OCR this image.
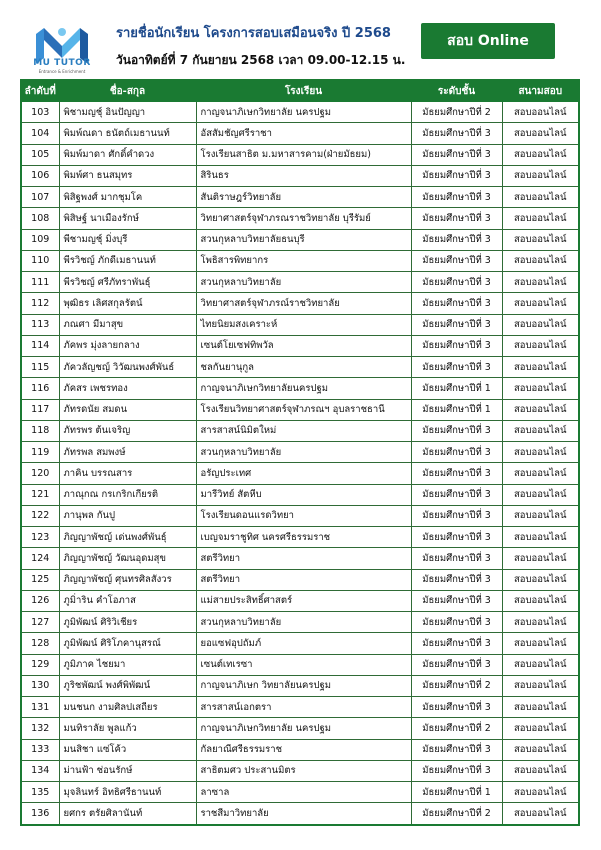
MU TUTOR
Entrance & Enrichment
รายชื่อนักเรียน โครงการสอบเสมือนจริง ปี 2568
วันอาทิตย์ที่ 7 กันยายน 2568 เวลา 09.00-12.15 น.
สอบ Online
ลำดับที่	ชื่อ-สกุล	โรงเรียน	ระดับชั้น	สนามสอบ
103	พิชามญชุ์ อินปัญญา	กาญจนาภิเษกวิทยาลัย นครปฐม	มัธยมศึกษาปีที่ 2	สอบออนไลน์
104	พิมพ์ณดา ธนัตถ์เมธานนท์	อัสสัมชัญศรีราชา	มัธยมศึกษาปีที่ 3	สอบออนไลน์
105	พิมพ์มาดา ศักดิ์คำดวง	โรงเรียนสาธิต ม.มหาสารคาม(ฝ่ายมัธยม)	มัธยมศึกษาปีที่ 3	สอบออนไลน์
106	พิมพ์ศา ธนสมุทร	สิรินธร	มัธยมศึกษาปีที่ 3	สอบออนไลน์
107	พิสิฐพงศ์ มากชุมโค	สันติราษฎร์วิทยาลัย	มัธยมศึกษาปีที่ 3	สอบออนไลน์
108	พิสิษฐ์ นาเมืองรักษ์	วิทยาศาสตร์จุฬาภรณราชวิทยาลัย บุรีรัมย์	มัธยมศึกษาปีที่ 3	สอบออนไลน์
109	พีชามญชุ์ มิ่งบุรี	สวนกุหลาบวิทยาลัยธนบุรี	มัธยมศึกษาปีที่ 3	สอบออนไลน์
110	พีรวิชญ์ ภักดีเมธานนท์	โพธิสารพิทยากร	มัธยมศึกษาปีที่ 3	สอบออนไลน์
111	พีรวิชญ์ ศรีภัทราพันธุ์	สวนกุหลาบวิทยาลัย	มัธยมศึกษาปีที่ 3	สอบออนไลน์
112	พุฒิธร เลิศสกุลรัตน์	วิทยาศาสตร์จุฬาภรณ์ราชวิทยาลัย	มัธยมศึกษาปีที่ 3	สอบออนไลน์
113	ภณศา มีมาสุข	ไทยนิยมสงเคราะห์	มัธยมศึกษาปีที่ 3	สอบออนไลน์
114	ภัคพร มุ่งลายกลาง	เซนต์โยเซฟทิพวัล	มัธยมศึกษาปีที่ 3	สอบออนไลน์
115	ภัควลัญชญ์ วิวัฒนพงศ์พันธ์	ชลกันยานุกูล	มัธยมศึกษาปีที่ 3	สอบออนไลน์
116	ภัคสร เพชรทอง	กาญจนาภิเษกวิทยาลัยนครปฐม	มัธยมศึกษาปีที่ 1	สอบออนไลน์
117	ภัทรดนัย สมดน	โรงเรียนวิทยาศาสตร์จุฬาภรณฯ อุบลราชธานี	มัธยมศึกษาปีที่ 1	สอบออนไลน์
118	ภัทรพร ต้นเจริญ	สารสาสน์นิมิตใหม่	มัธยมศึกษาปีที่ 3	สอบออนไลน์
119	ภัทรพล สมพงษ์	สวนกุหลาบวิทยาลัย	มัธยมศึกษาปีที่ 3	สอบออนไลน์
120	ภาคิน บรรณสาร	อรัญประเทศ	มัธยมศึกษาปีที่ 3	สอบออนไลน์
121	ภาณุกณ กรเกริกเกียรติ	มารีวิทย์ สัตหีบ	มัธยมศึกษาปีที่ 3	สอบออนไลน์
122	ภานุพล กันปู	โรงเรียนดอนแรดวิทยา	มัธยมศึกษาปีที่ 3	สอบออนไลน์
123	ภิญญาพัชญ์ เด่นพงศ์พันธุ์	เบญจมราชูทิศ นครศรีธรรมราช	มัธยมศึกษาปีที่ 3	สอบออนไลน์
124	ภิญญาพัชญ์ วัฒนอุดมสุข	สตรีวิทยา	มัธยมศึกษาปีที่ 3	สอบออนไลน์
125	ภิญญาพัชญ์ ศุนทรศิลสังวร	สตรีวิทยา	มัธยมศึกษาปีที่ 3	สอบออนไลน์
126	ภูมิ่าริน คำโอภาส	แม่สายประสิทธิ์ศาสตร์	มัธยมศึกษาปีที่ 3	สอบออนไลน์
127	ภูมิพัฒน์ ศิริวิเชียร	สวนกุหลาบวิทยาลัย	มัธยมศึกษาปีที่ 3	สอบออนไลน์
128	ภูมิพัฒน์ ศิริโภคานุสรณ์	ยอแซฟอุปถัมภ์	มัธยมศึกษาปีที่ 3	สอบออนไลน์
129	ภูมิภาค ไชยมา	เซนต์เทเรซา	มัธยมศึกษาปีที่ 3	สอบออนไลน์
130	ภูริชพัฒน์ พงศ์พิพัฒน์	กาญจนาภิเษก วิทยาลัยนครปฐม	มัธยมศึกษาปีที่ 2	สอบออนไลน์
131	มนชนก งามศิลปเสถียร	สารสาสน์เอกตรา	มัธยมศึกษาปีที่ 3	สอบออนไลน์
132	มนทิราลัย พูลแก้ว	กาญจนาภิเษกวิทยาลัย นครปฐม	มัธยมศึกษาปีที่ 2	สอบออนไลน์
133	มนสิชา แซ่โค้ว	กัลยาณีศรีธรรมราช	มัธยมศึกษาปีที่ 3	สอบออนไลน์
134	ม่านฟ้า ช่อนรักษ์	สาธิตมศว ประสานมิตร	มัธยมศึกษาปีที่ 3	สอบออนไลน์
135	มุจลินทร์ อิทธิศรีธานนท์	ลาซาล	มัธยมศึกษาปีที่ 1	สอบออนไลน์
136	ยศกร ตรัยศิลานันท์	ราชสีมาวิทยาลัย	มัธยมศึกษาปีที่ 2	สอบออนไลน์
